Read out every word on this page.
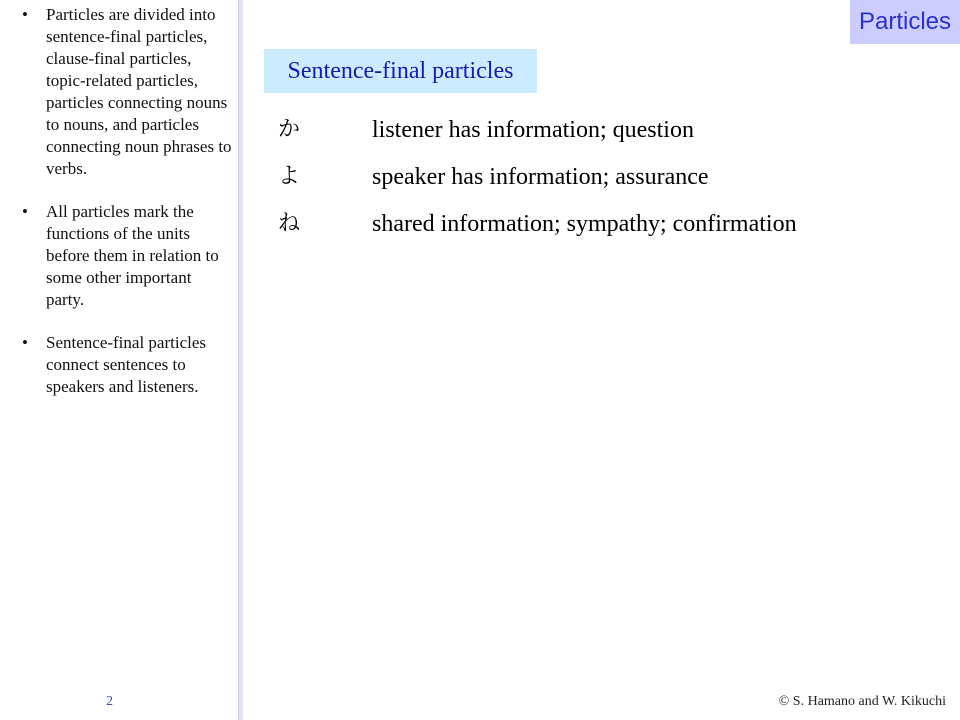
• Particles are divided into sentence-final particles, clause-final particles, topic-related particles, particles connecting nouns to nouns, and particles connecting noun phrases to verbs.
• All particles mark the functions of the units before them in relation to some other important party.
• Sentence-final particles connect sentences to speakers and listeners.
2
Particles
Sentence-final particles
か	listener has information; question
よ	speaker has information; assurance
ね	shared information; sympathy; confirmation
© S. Hamano and W. Kikuchi
